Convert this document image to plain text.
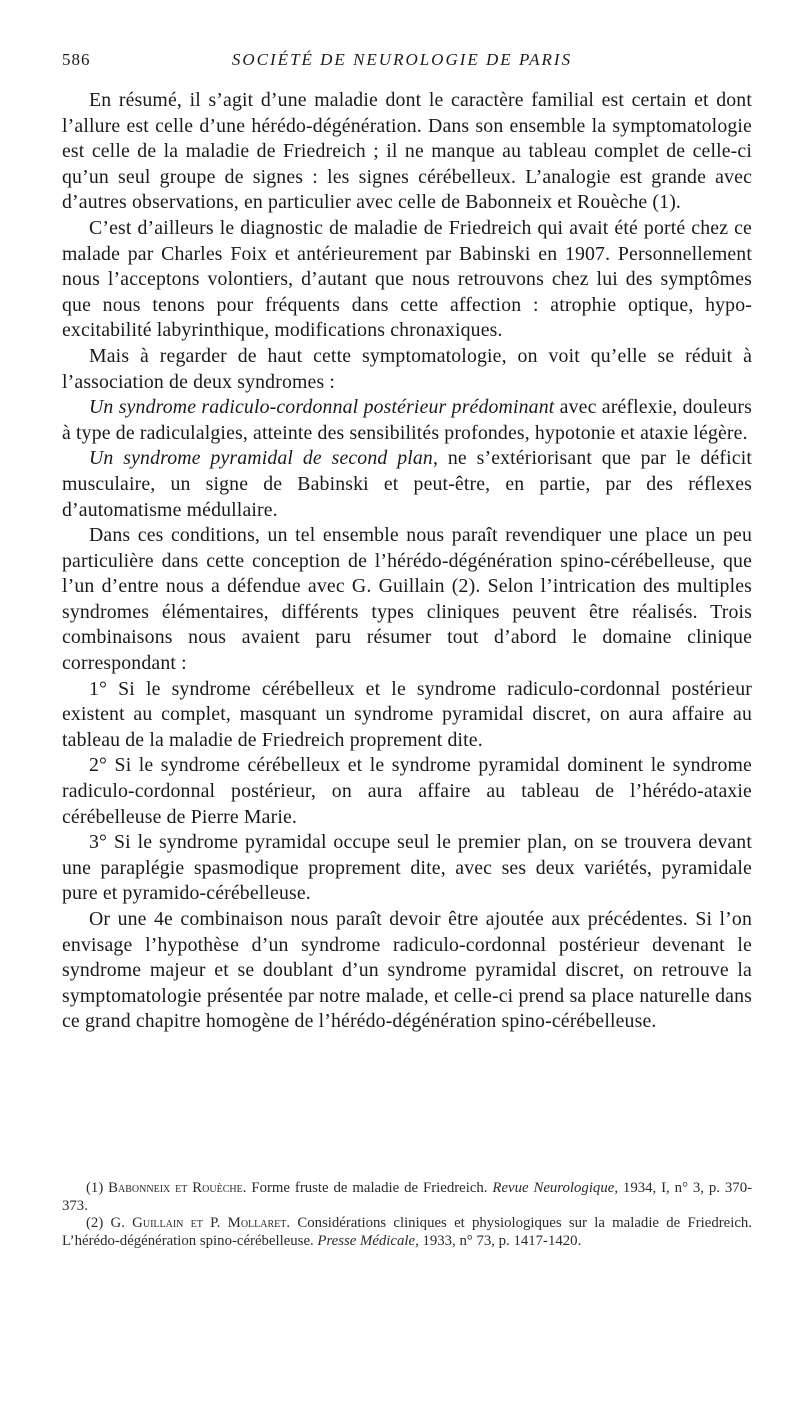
586	SOCIÉTÉ DE NEUROLOGIE DE PARIS

En résumé, il s’agit d’une maladie dont le caractère familial est certain et dont l’allure est celle d’une hérédo-dégénération. Dans son ensemble la symptomatologie est celle de la maladie de Friedreich ; il ne manque au tableau complet de celle-ci qu’un seul groupe de signes : les signes cérébelleux. L’analogie est grande avec d’autres observations, en particulier avec celle de Babonneix et Rouèche (1).

C’est d’ailleurs le diagnostic de maladie de Friedreich qui avait été porté chez ce malade par Charles Foix et antérieurement par Babinski en 1907. Personnellement nous l’acceptons volontiers, d’autant que nous retrouvons chez lui des symptômes que nous tenons pour fréquents dans cette affection : atrophie optique, hypo-excitabilité labyrinthique, modifications chronaxiques.

Mais à regarder de haut cette symptomatologie, on voit qu’elle se réduit à l’association de deux syndromes :

Un syndrome radiculo-cordonnal postérieur prédominant avec aréflexie, douleurs à type de radiculalgies, atteinte des sensibilités profondes, hypotonie et ataxie légère.

Un syndrome pyramidal de second plan, ne s’extériorisant que par le déficit musculaire, un signe de Babinski et peut-être, en partie, par des réflexes d’automatisme médullaire.

Dans ces conditions, un tel ensemble nous paraît revendiquer une place un peu particulière dans cette conception de l’hérédo-dégénération spino-cérébelleuse, que l’un d’entre nous a défendue avec G. Guillain (2). Selon l’intrication des multiples syndromes élémentaires, différents types cliniques peuvent être réalisés. Trois combinaisons nous avaient paru résumer tout d’abord le domaine clinique correspondant :

1° Si le syndrome cérébelleux et le syndrome radiculo-cordonnal postérieur existent au complet, masquant un syndrome pyramidal discret, on aura affaire au tableau de la maladie de Friedreich proprement dite.

2° Si le syndrome cérébelleux et le syndrome pyramidal dominent le syndrome radiculo-cordonnal postérieur, on aura affaire au tableau de l’hérédo-ataxie cérébelleuse de Pierre Marie.

3° Si le syndrome pyramidal occupe seul le premier plan, on se trouvera devant une paraplégie spasmodique proprement dite, avec ses deux variétés, pyramidale pure et pyramido-cérébelleuse.

Or une 4e combinaison nous paraît devoir être ajoutée aux précédentes. Si l’on envisage l’hypothèse d’un syndrome radiculo-cordonnal postérieur devenant le syndrome majeur et se doublant d’un syndrome pyramidal discret, on retrouve la symptomatologie présentée par notre malade, et celle-ci prend sa place naturelle dans ce grand chapitre homogène de l’hérédo-dégénération spino-cérébelleuse.

(1) Babonneix et Rouèche. Forme fruste de maladie de Friedreich. Revue Neurologique, 1934, I, n° 3, p. 370-373.

(2) G. Guillain et P. Mollaret. Considérations cliniques et physiologiques sur la maladie de Friedreich. L’hérédo-dégénération spino-cérébelleuse. Presse Médicale, 1933, n° 73, p. 1417-1420.
